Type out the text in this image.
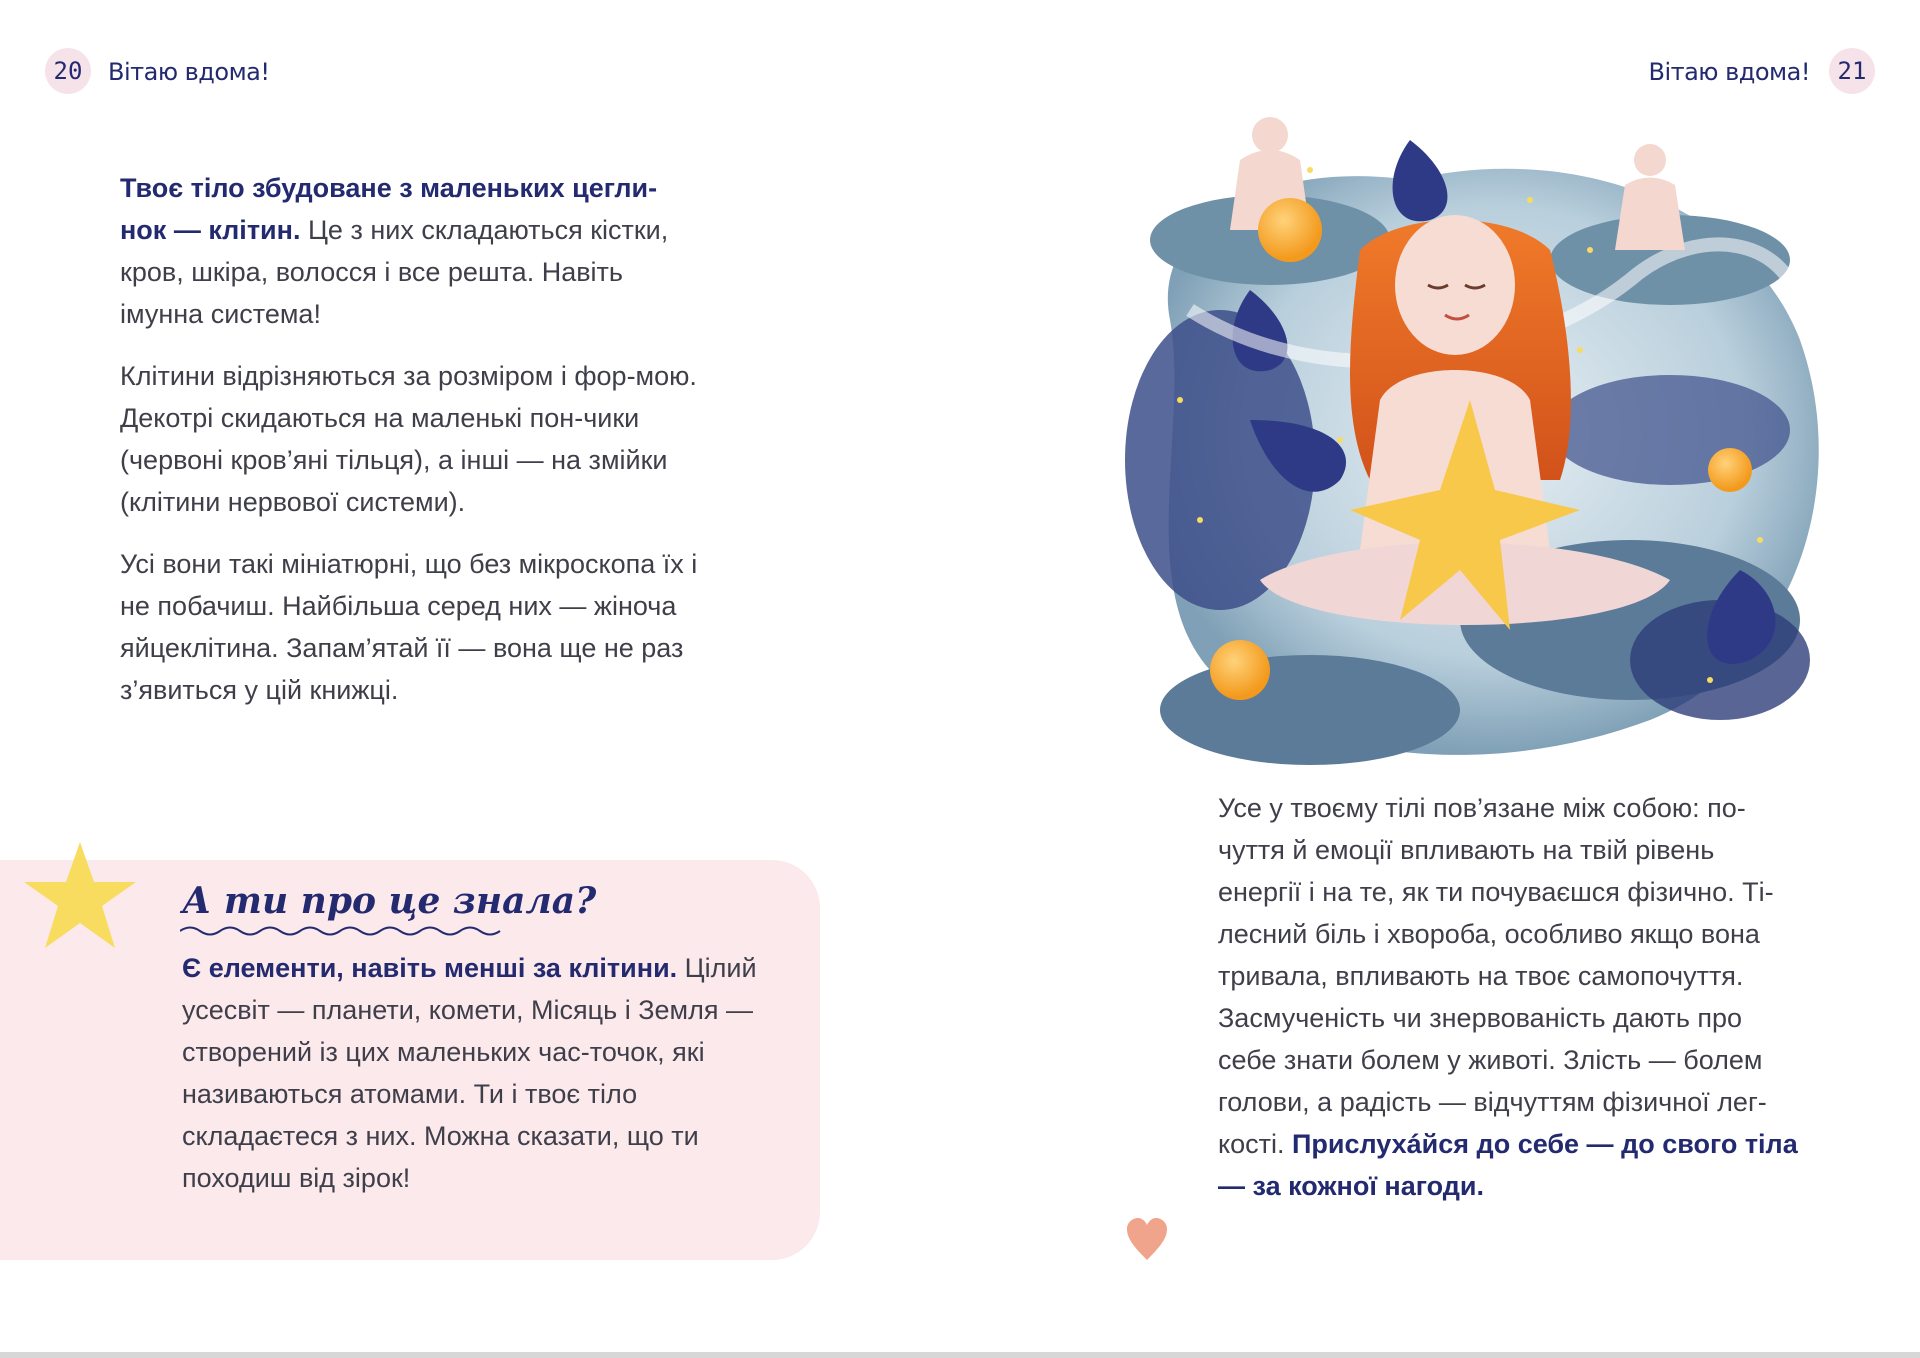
20	Вітаю вдома!	Вітаю вдома!	21

Твоє тіло збудоване з маленьких цегли-нок — клітин. Це з них складаються кістки, кров, шкіра, волосся і все решта. Навіть імунна система!

Клітини відрізняються за розміром і фор-мою. Декотрі скидаються на маленькі пон-чики (червоні кров’яні тільця), а інші — на змійки (клітини нервової системи).

Усі вони такі мініатюрні, що без мікроскопа їх і не побачиш. Найбільша серед них — жіноча яйцеклітина. Запам’ятай її — вона ще не раз з’явиться у цій книжці.

А ти про це знала?
Є елементи, навіть менші за клітини. Цілий усесвіт — планети, комети, Місяць і Земля — створений із цих маленьких час-точок, які називаються атомами. Ти і твоє тіло складаєтеся з них. Можна сказати, що ти походиш від зірок!
Усе у твоєму тілі пов’язане між собою: по-чуття й емоції впливають на твій рівень енергії і на те, як ти почуваєшся фізично. Ті-лесний біль і хвороба, особливо якщо вона тривала, впливають на твоє самопочуття. Засмученість чи знервованість дають про себе знати болем у животі. Злість — болем голови, а радість — відчуттям фізичної лег-кості. Прислухáйся до себе — до свого тіла — за кожної нагоди.
